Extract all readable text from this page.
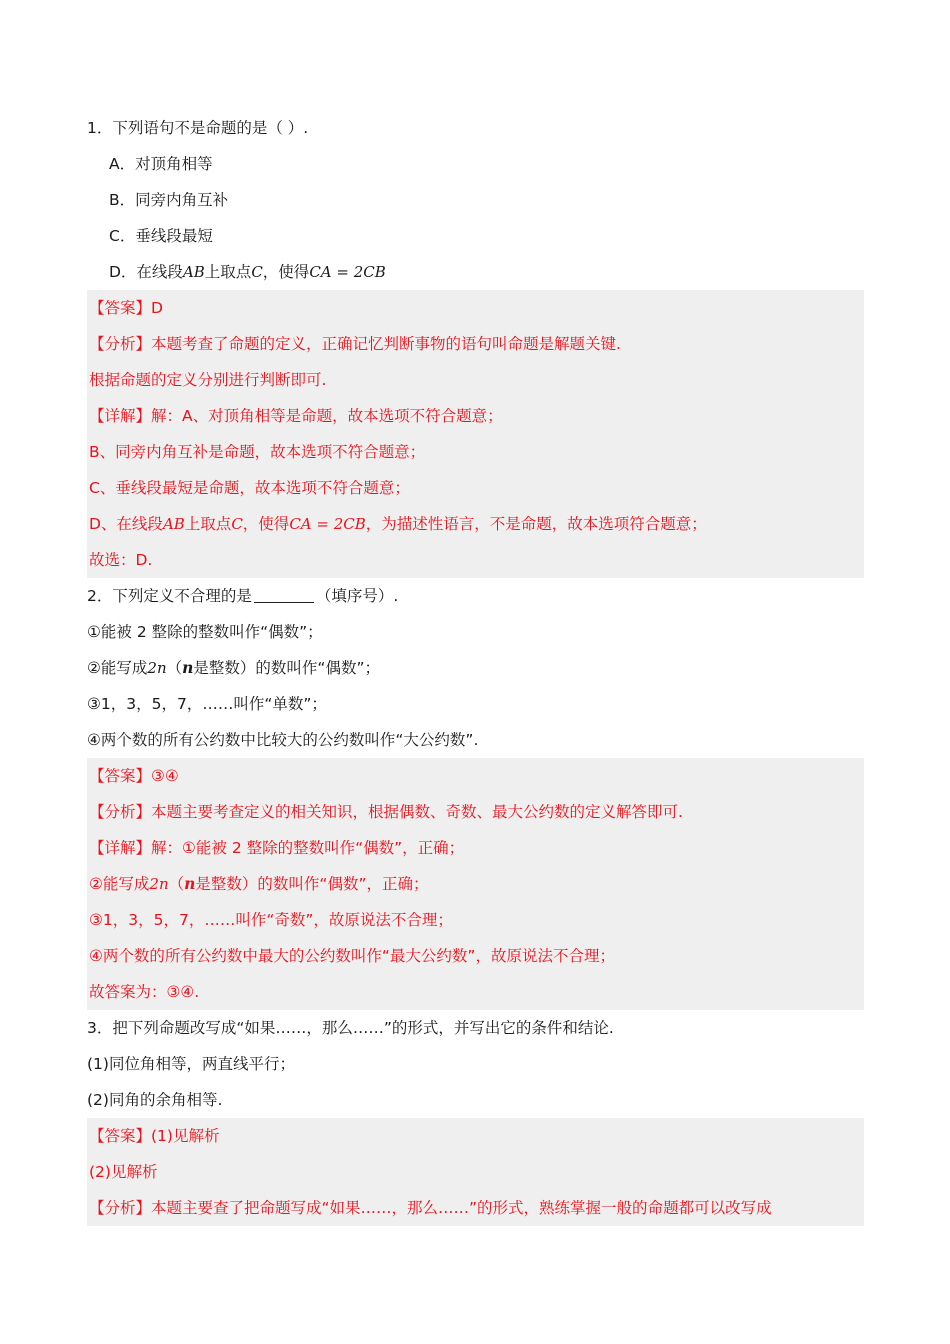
1．下列语句不是命题的是（ ）.
A．对顶角相等
B．同旁内角互补
C．垂线段最短
D．在线段AB上取点C，使得CA = 2CB
【答案】D
【分析】本题考查了命题的定义，正确记忆判断事物的语句叫命题是解题关键.
根据命题的定义分别进行判断即可.
【详解】解：A、对顶角相等是命题，故本选项不符合题意；
B、同旁内角互补是命题，故本选项不符合题意；
C、垂线段最短是命题，故本选项不符合题意；
D、在线段AB上取点C，使得CA = 2CB，为描述性语言，不是命题，故本选项符合题意；
故选：D.
2．下列定义不合理的是	（填序号）.
①能被 2 整除的整数叫作“偶数”；
②能写成2n（n是整数）的数叫作“偶数”；
③1，3，5，7，……叫作“单数”；
④两个数的所有公约数中比较大的公约数叫作“大公约数”.
【答案】③④
【分析】本题主要考查定义的相关知识，根据偶数、奇数、最大公约数的定义解答即可.
【详解】解：①能被 2 整除的整数叫作“偶数”，正确；
②能写成2n（n是整数）的数叫作“偶数”，正确；
③1，3，5，7，……叫作“奇数”，故原说法不合理；
④两个数的所有公约数中最大的公约数叫作“最大公约数”，故原说法不合理；
故答案为：③④.
3．把下列命题改写成“如果……，那么……”的形式，并写出它的条件和结论.
(1)同位角相等，两直线平行；
(2)同角的余角相等.
【答案】(1)见解析
(2)见解析
【分析】本题主要查了把命题写成“如果……，那么……”的形式，熟练掌握一般的命题都可以改写成
